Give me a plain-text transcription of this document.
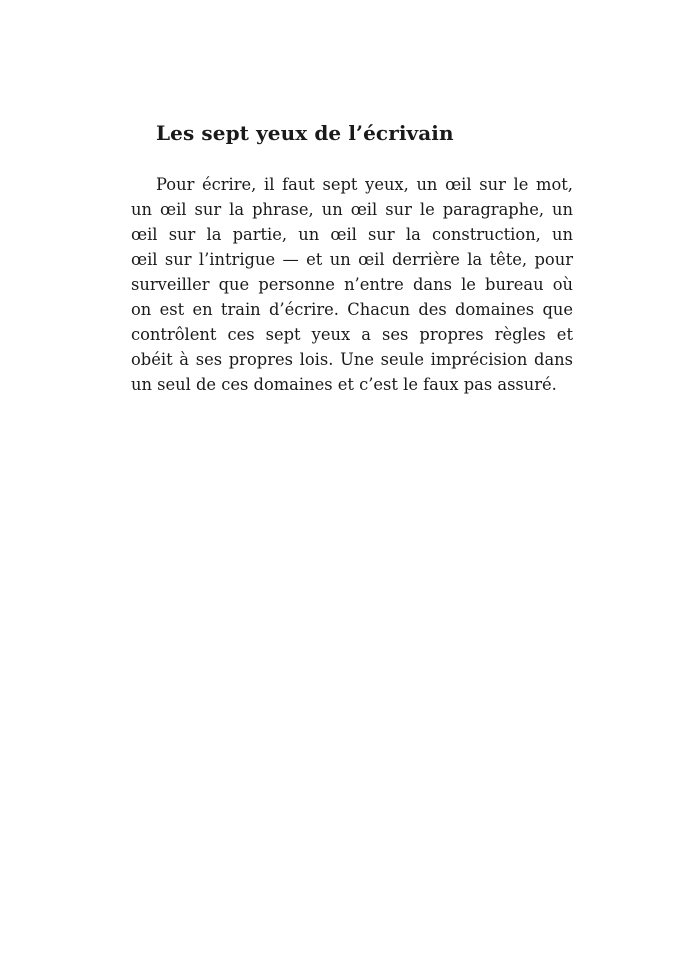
Les sept yeux de l’écrivain
Pour écrire, il faut sept yeux, un œil sur le mot,
un œil sur la phrase, un œil sur le paragraphe, un
œil sur la partie, un œil sur la construction, un
œil sur l’intrigue — et un œil derrière la tête, pour
surveiller que personne n’entre dans le bureau où
on est en train d’écrire. Chacun des domaines que
contrôlent ces sept yeux a ses propres règles et
obéit à ses propres lois. Une seule imprécision dans
un seul de ces domaines et c’est le faux pas assuré.
